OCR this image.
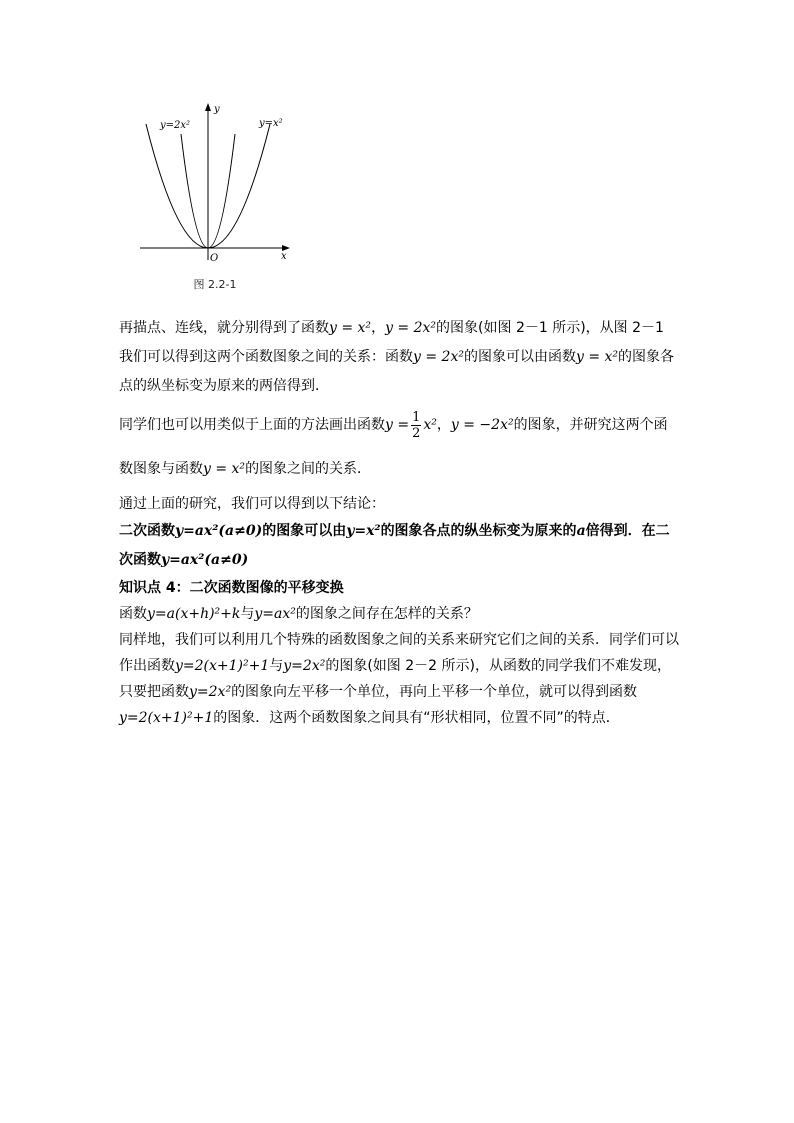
y=2x²	y=x²
y
x
O
图 2.2-1

再描点、连线，就分别得到了函数y = x²，y = 2x²的图象(如图 2－1 所示)，从图 2－1 我们可以得到这两个函数图象之间的关系：函数y = 2x²的图象可以由函数y = x²的图象各点的纵坐标变为原来的两倍得到．

同学们也可以用类似于上面的方法画出函数$y = \frac{1}{2} x^2$，y = −2x²的图象，并研究这两个函数图象与函数y = x²的图象之间的关系．

通过上面的研究，我们可以得到以下结论：

二次函数y=ax²(a≠0)的图象可以由y=x²的图象各点的纵坐标变为原来的a倍得到．在二次函数y=ax²(a≠0)

知识点 4：二次函数图像的平移变换

函数y=a(x+h)²+k与y=ax²的图象之间存在怎样的关系？

同样地，我们可以利用几个特殊的函数图象之间的关系来研究它们之间的关系．同学们可以作出函数y=2(x+1)²+1与y=2x²的图象(如图 2－2 所示)，从函数的同学我们不难发现，只要把函数y=2x²的图象向左平移一个单位，再向上平移一个单位，就可以得到函数y=2(x+1)²+1的图象．这两个函数图象之间具有“形状相同，位置不同”的特点．
